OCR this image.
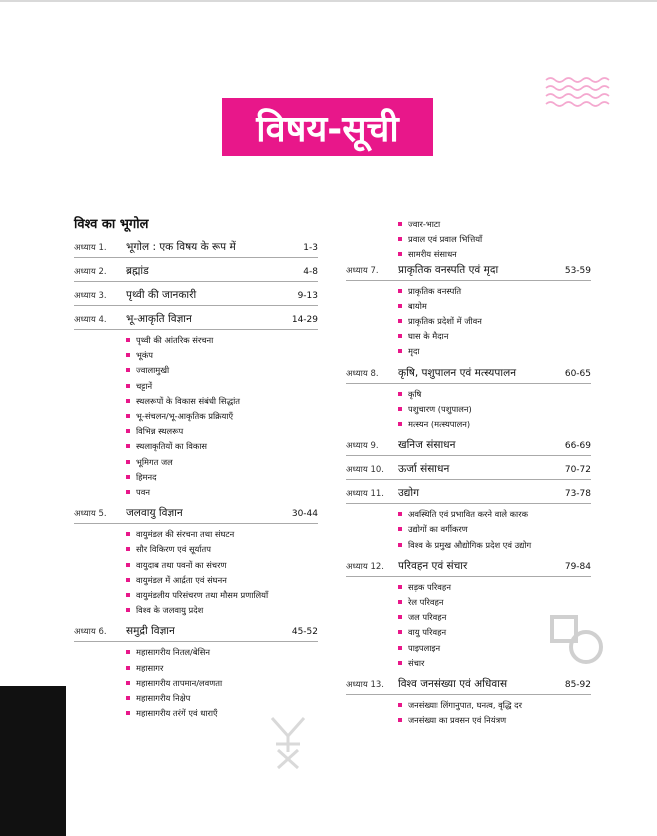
विषय-सूची
विश्व का भूगोल
अध्याय 1.	भूगोल : एक विषय के रूप में	1-3
अध्याय 2.	ब्रह्मांड	4-8
अध्याय 3.	पृथ्वी की जानकारी	9-13
अध्याय 4.	भू-आकृति विज्ञान	14-29
पृथ्वी की आंतरिक संरचना
भूकंप
ज्वालामुखी
चट्टानें
स्थलरूपों के विकास संबंधी सिद्धांत
भू-संचलन/भू-आकृतिक प्रक्रियाएँ
विभिन्न स्थलरूप
स्थलाकृतियों का विकास
भूमिगत जल
हिमनद
पवन
अध्याय 5.	जलवायु विज्ञान	30-44
वायुमंडल की संरचना तथा संघटन
सौर विकिरण एवं सूर्यातप
वायुदाब तथा पवनों का संचरण
वायुमंडल में आर्द्रता एवं संघनन
वायुमंडलीय परिसंचरण तथा मौसम प्रणालियाँ
विश्व के जलवायु प्रदेश
अध्याय 6.	समुद्री विज्ञान	45-52
महासागरीय नितल/बेसिन
महासागर
महासागरीय तापमान/लवणता
महासागरीय निक्षेप
महासागरीय तरंगें एवं धाराएँ
ज्वार-भाटा
प्रवाल एवं प्रवाल भित्तियाँ
सामरीय संसाधन
अध्याय 7.	प्राकृतिक वनस्पति एवं मृदा	53-59
प्राकृतिक वनस्पति
बायोम
प्राकृतिक प्रदेशों में जीवन
घास के मैदान
मृदा
अध्याय 8.	कृषि, पशुपालन एवं मत्स्यपालन	60-65
कृषि
पशुचारण (पशुपालन)
मत्स्यन (मत्स्यपालन)
अध्याय 9.	खनिज संसाधन	66-69
अध्याय 10.	ऊर्जा संसाधन	70-72
अध्याय 11.	उद्योग	73-78
अवस्थिति एवं प्रभावित करने वाले कारक
उद्योगों का वर्गीकरण
विश्व के प्रमुख औद्योगिक प्रदेश एवं उद्योग
अध्याय 12.	परिवहन एवं संचार	79-84
सड़क परिवहन
रेल परिवहन
जल परिवहन
वायु परिवहन
पाइपलाइन
संचार
अध्याय 13.	विश्व जनसंख्या एवं अधिवास	85-92
जनसंख्याः लिंगानुपात, घनत्व, वृद्धि दर
जनसंख्या का प्रवसन एवं नियंत्रण
